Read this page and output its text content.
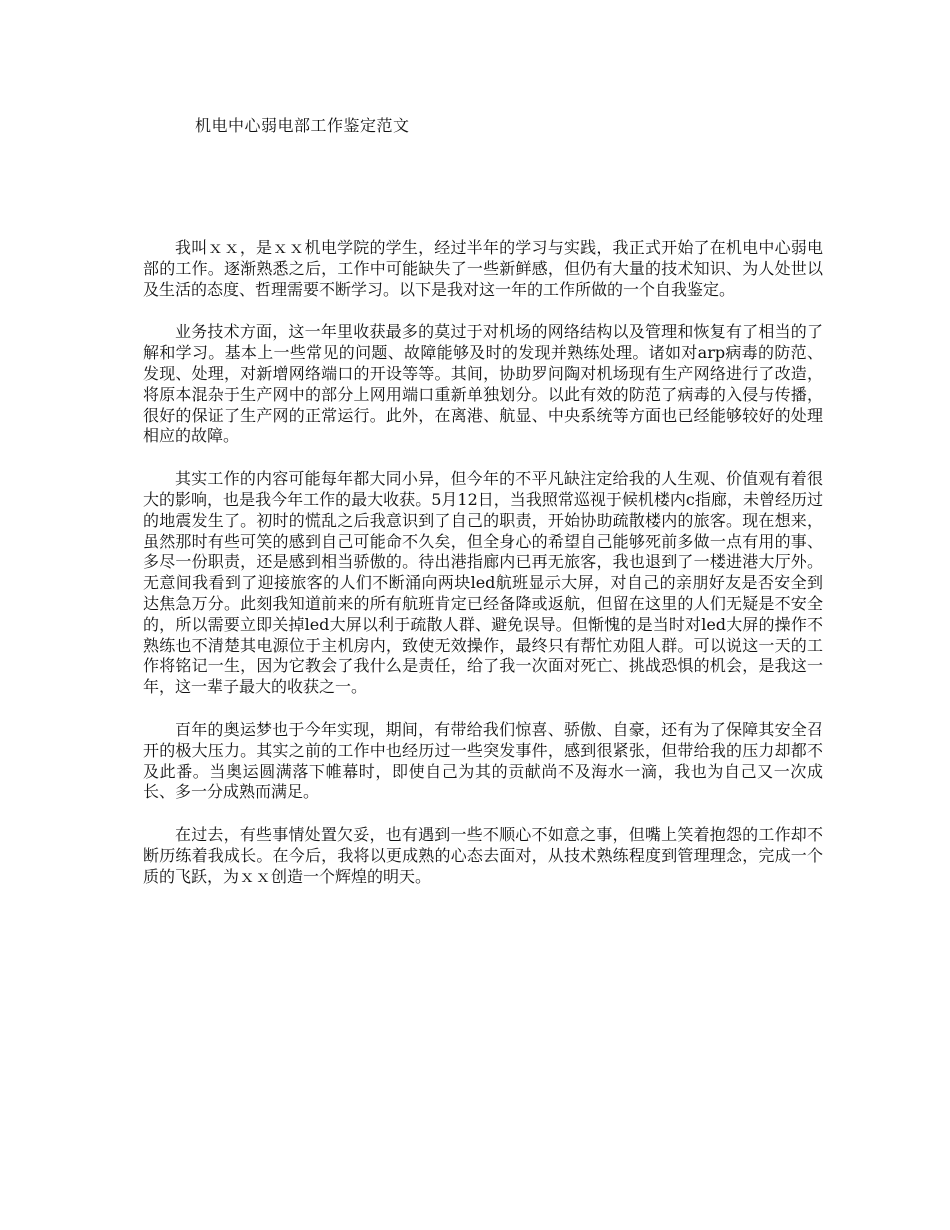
机电中心弱电部工作鉴定范文

我叫ｘｘ，是ｘｘ机电学院的学生，经过半年的学习与实践，我正式开始了在机电中心弱电部的工作。逐渐熟悉之后，工作中可能缺失了一些新鲜感，但仍有大量的技术知识、为人处世以及生活的态度、哲理需要不断学习。以下是我对这一年的工作所做的一个自我鉴定。

业务技术方面，这一年里收获最多的莫过于对机场的网络结构以及管理和恢复有了相当的了解和学习。基本上一些常见的问题、故障能够及时的发现并熟练处理。诸如对arp病毒的防范、发现、处理，对新增网络端口的开设等等。其间，协助罗问陶对机场现有生产网络进行了改造，将原本混杂于生产网中的部分上网用端口重新单独划分。以此有效的防范了病毒的入侵与传播，很好的保证了生产网的正常运行。此外，在离港、航显、中央系统等方面也已经能够较好的处理相应的故障。

其实工作的内容可能每年都大同小异，但今年的不平凡缺注定给我的人生观、价值观有着很大的影响，也是我今年工作的最大收获。5月12日，当我照常巡视于候机楼内c指廊，未曾经历过的地震发生了。初时的慌乱之后我意识到了自己的职责，开始协助疏散楼内的旅客。现在想来，虽然那时有些可笑的感到自己可能命不久矣，但全身心的希望自己能够死前多做一点有用的事、多尽一份职责，还是感到相当骄傲的。待出港指廊内已再无旅客，我也退到了一楼进港大厅外。无意间我看到了迎接旅客的人们不断涌向两块led航班显示大屏，对自己的亲朋好友是否安全到达焦急万分。此刻我知道前来的所有航班肯定已经备降或返航，但留在这里的人们无疑是不安全的，所以需要立即关掉led大屏以利于疏散人群、避免误导。但惭愧的是当时对led大屏的操作不熟练也不清楚其电源位于主机房内，致使无效操作，最终只有帮忙劝阻人群。可以说这一天的工作将铭记一生，因为它教会了我什么是责任，给了我一次面对死亡、挑战恐惧的机会，是我这一年，这一辈子最大的收获之一。

百年的奥运梦也于今年实现，期间，有带给我们惊喜、骄傲、自豪，还有为了保障其安全召开的极大压力。其实之前的工作中也经历过一些突发事件，感到很紧张，但带给我的压力却都不及此番。当奥运圆满落下帷幕时，即使自己为其的贡献尚不及海水一滴，我也为自己又一次成长、多一分成熟而满足。

在过去，有些事情处置欠妥，也有遇到一些不顺心不如意之事，但嘴上笑着抱怨的工作却不断历练着我成长。在今后，我将以更成熟的心态去面对，从技术熟练程度到管理理念，完成一个质的飞跃，为ｘｘ创造一个辉煌的明天。
